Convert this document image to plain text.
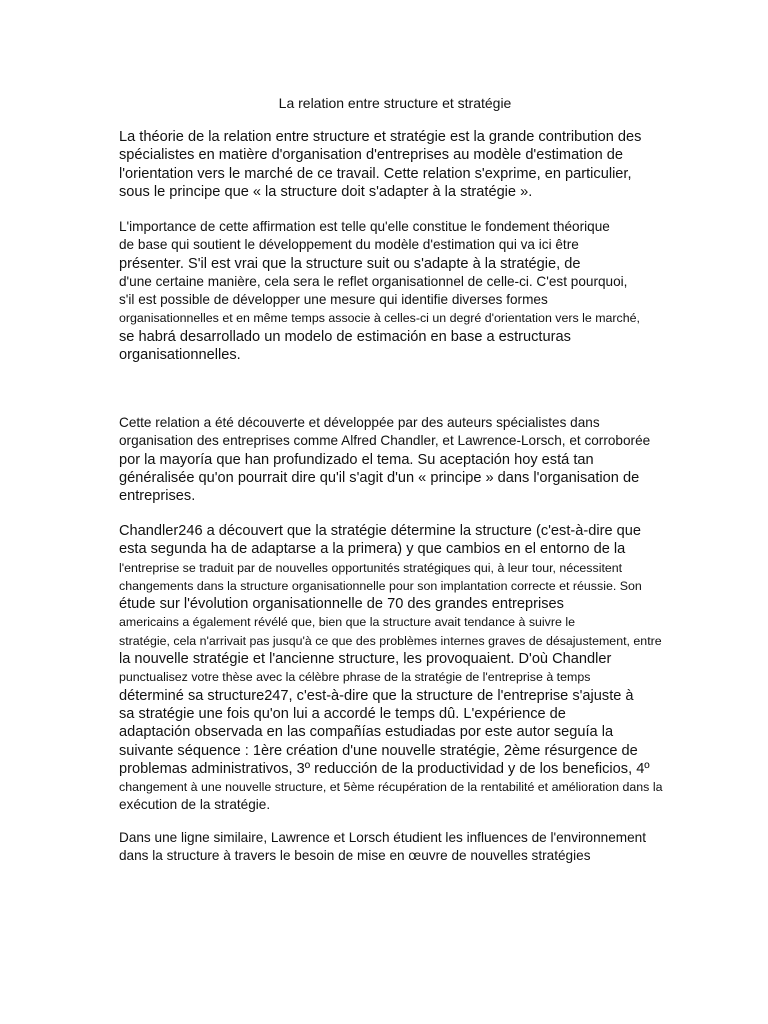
La relation entre structure et stratégie
La théorie de la relation entre structure et stratégie est la grande contribution des
spécialistes en matière d'organisation d'entreprises au modèle d'estimation de
l'orientation vers le marché de ce travail. Cette relation s'exprime, en particulier,
sous le principe que « la structure doit s'adapter à la stratégie ».
L'importance de cette affirmation est telle qu'elle constitue le fondement théorique
de base qui soutient le développement du modèle d'estimation qui va ici être
présenter. S'il est vrai que la structure suit ou s'adapte à la stratégie, de
d'une certaine manière, cela sera le reflet organisationnel de celle-ci. C'est pourquoi,
s'il est possible de développer une mesure qui identifie diverses formes
organisationnelles et en même temps associe à celles-ci un degré d'orientation vers le marché,
se habrá desarrollado un modelo de estimación en base a estructuras
organisationnelles.
Cette relation a été découverte et développée par des auteurs spécialistes dans
organisation des entreprises comme Alfred Chandler, et Lawrence-Lorsch, et corroborée
por la mayoría que han profundizado el tema. Su aceptación hoy está tan
généralisée qu'on pourrait dire qu'il s'agit d'un « principe » dans l'organisation de
entreprises.
Chandler246 a découvert que la stratégie détermine la structure (c'est-à-dire que
esta segunda ha de adaptarse a la primera) y que cambios en el entorno de la
l'entreprise se traduit par de nouvelles opportunités stratégiques qui, à leur tour, nécessitent
changements dans la structure organisationnelle pour son implantation correcte et réussie. Son
étude sur l'évolution organisationnelle de 70 des grandes entreprises
americains a également révélé que, bien que la structure avait tendance à suivre le
stratégie, cela n'arrivait pas jusqu'à ce que des problèmes internes graves de désajustement, entre
la nouvelle stratégie et l'ancienne structure, les provoquaient. D'où Chandler
punctualisez votre thèse avec la célèbre phrase de la stratégie de l'entreprise à temps
déterminé sa structure247, c'est-à-dire que la structure de l'entreprise s'ajuste à
sa stratégie une fois qu'on lui a accordé le temps dû. L'expérience de
adaptación observada en las compañías estudiadas por este autor seguía la
suivante séquence : 1ère création d'une nouvelle stratégie, 2ème résurgence de
problemas administrativos, 3º reducción de la productividad y de los beneficios, 4º
changement à une nouvelle structure, et 5ème récupération de la rentabilité et amélioration dans la
exécution de la stratégie.
Dans une ligne similaire, Lawrence et Lorsch étudient les influences de l'environnement
dans la structure à travers le besoin de mise en œuvre de nouvelles stratégies
